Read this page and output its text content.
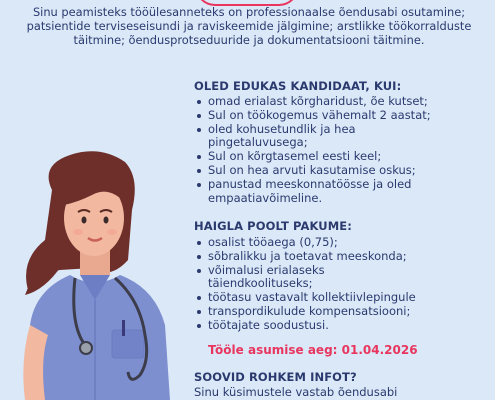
Sinu peamisteks tööülesanneteks on professionaalse õendusabi osutamine; patsientide terviseseisundi ja raviskeemide jälgimine; arstlikke töökorralduste täitmine; õendusprotseduuride ja dokumentatsiooni täitmine.
OLED EDUKAS KANDIDAAT, KUI:
omad erialast kõrgharidust, õe kutset;
Sul on töökogemus vähemalt 2 aastat;
oled kohusetundlik ja hea pingetaluvusega;
Sul on kõrgtasemel eesti keel;
Sul on hea arvuti kasutamise oskus;
panustad meeskonnatöösse ja oled empaatiavõimeline.
HAIGLA POOLT PAKUME:
osalist tööaega (0,75);
sõbralikku ja toetavat meeskonda;
võimalusi erialaseks täiendkoolituseks;
töötasu vastavalt kollektiivlepingule
transpordikulude kompensatsiooni;
töötajate soodustusi.
Tööle asumise aeg: 01.04.2026
SOOVID ROHKEM INFOT?
Sinu küsimustele vastab õendusabi
